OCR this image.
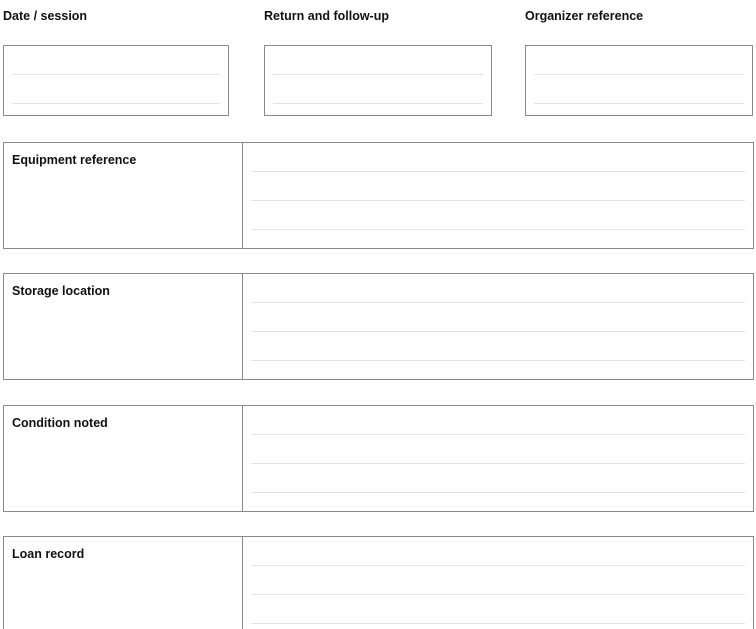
Date / session	Return and follow-up	Organizer reference
Equipment reference
Storage location
Condition noted
Loan record
